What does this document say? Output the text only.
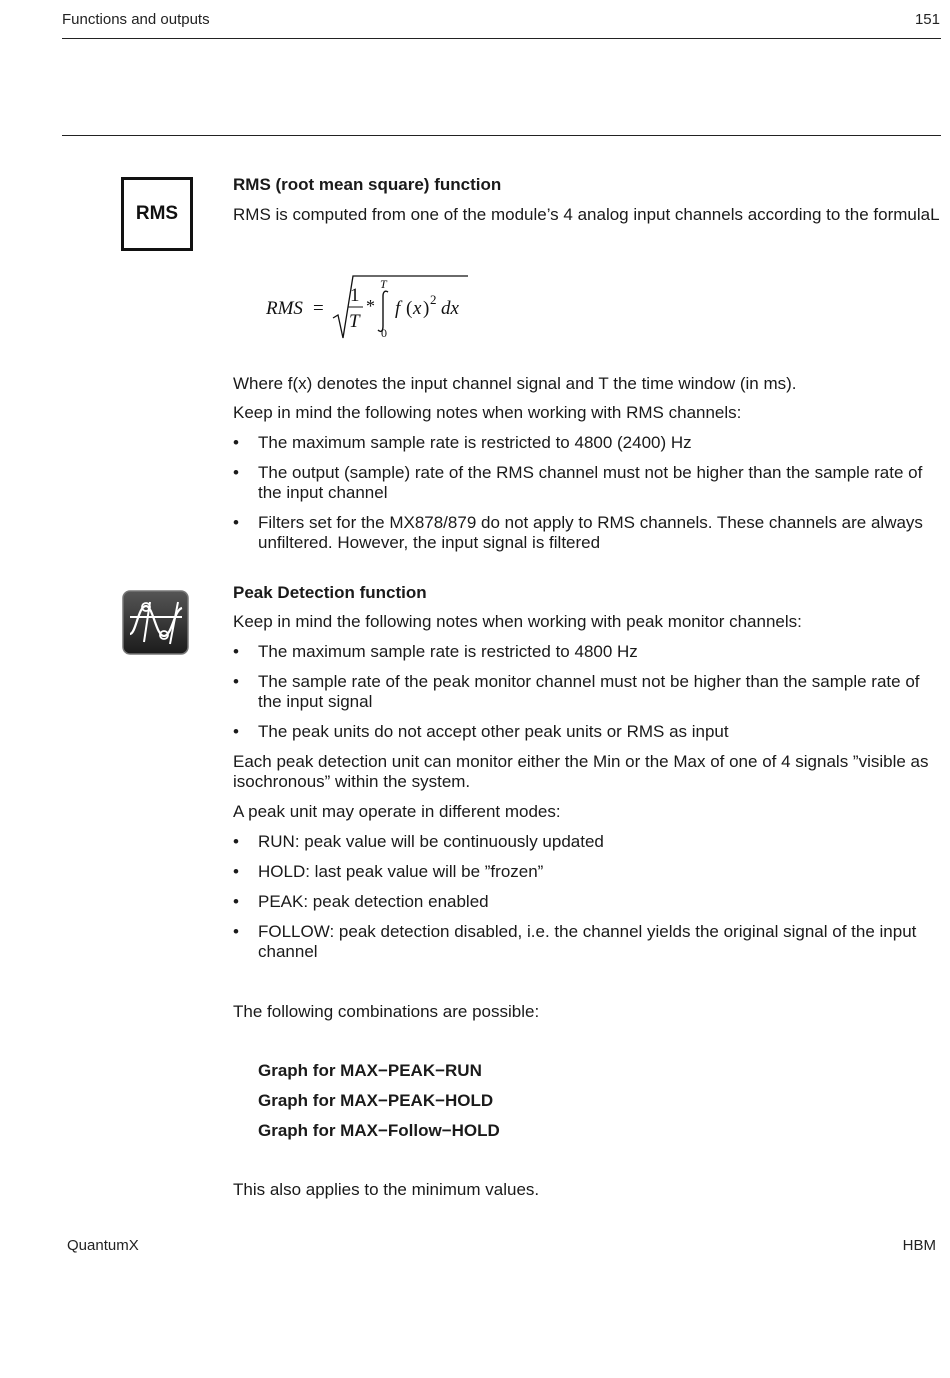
Functions and outputs	151
RMS
RMS (root mean square) function
RMS is computed from one of the module’s 4 analog input channels according to the formulaL
RMS =
1
T
*
T
0
f ( x ) 2 dx
Where f(x) denotes the input channel signal and T the time window (in ms).
Keep in mind the following notes when working with RMS channels:
• The maximum sample rate is restricted to 4800 (2400) Hz
• The output (sample) rate of the RMS channel must not be higher than the sample rate of the input channel
• Filters set for the MX878/879 do not apply to RMS channels. These channels are always unfiltered. However, the input signal is filtered
Peak Detection function
Keep in mind the following notes when working with peak monitor channels:
• The maximum sample rate is restricted to 4800 Hz
• The sample rate of the peak monitor channel must not be higher than the sample rate of the input signal
• The peak units do not accept other peak units or RMS as input
Each peak detection unit can monitor either the Min or the Max of one of 4 signals ”visible as isochronous” within the system.
A peak unit may operate in different modes:
• RUN: peak value will be continuously updated
• HOLD: last peak value will be ”frozen”
• PEAK: peak detection enabled
• FOLLOW: peak detection disabled, i.e. the channel yields the original signal of the input channel
The following combinations are possible:
Graph for MAX−PEAK−RUN
Graph for MAX−PEAK−HOLD
Graph for MAX−Follow−HOLD
This also applies to the minimum values.
QuantumX	HBM
